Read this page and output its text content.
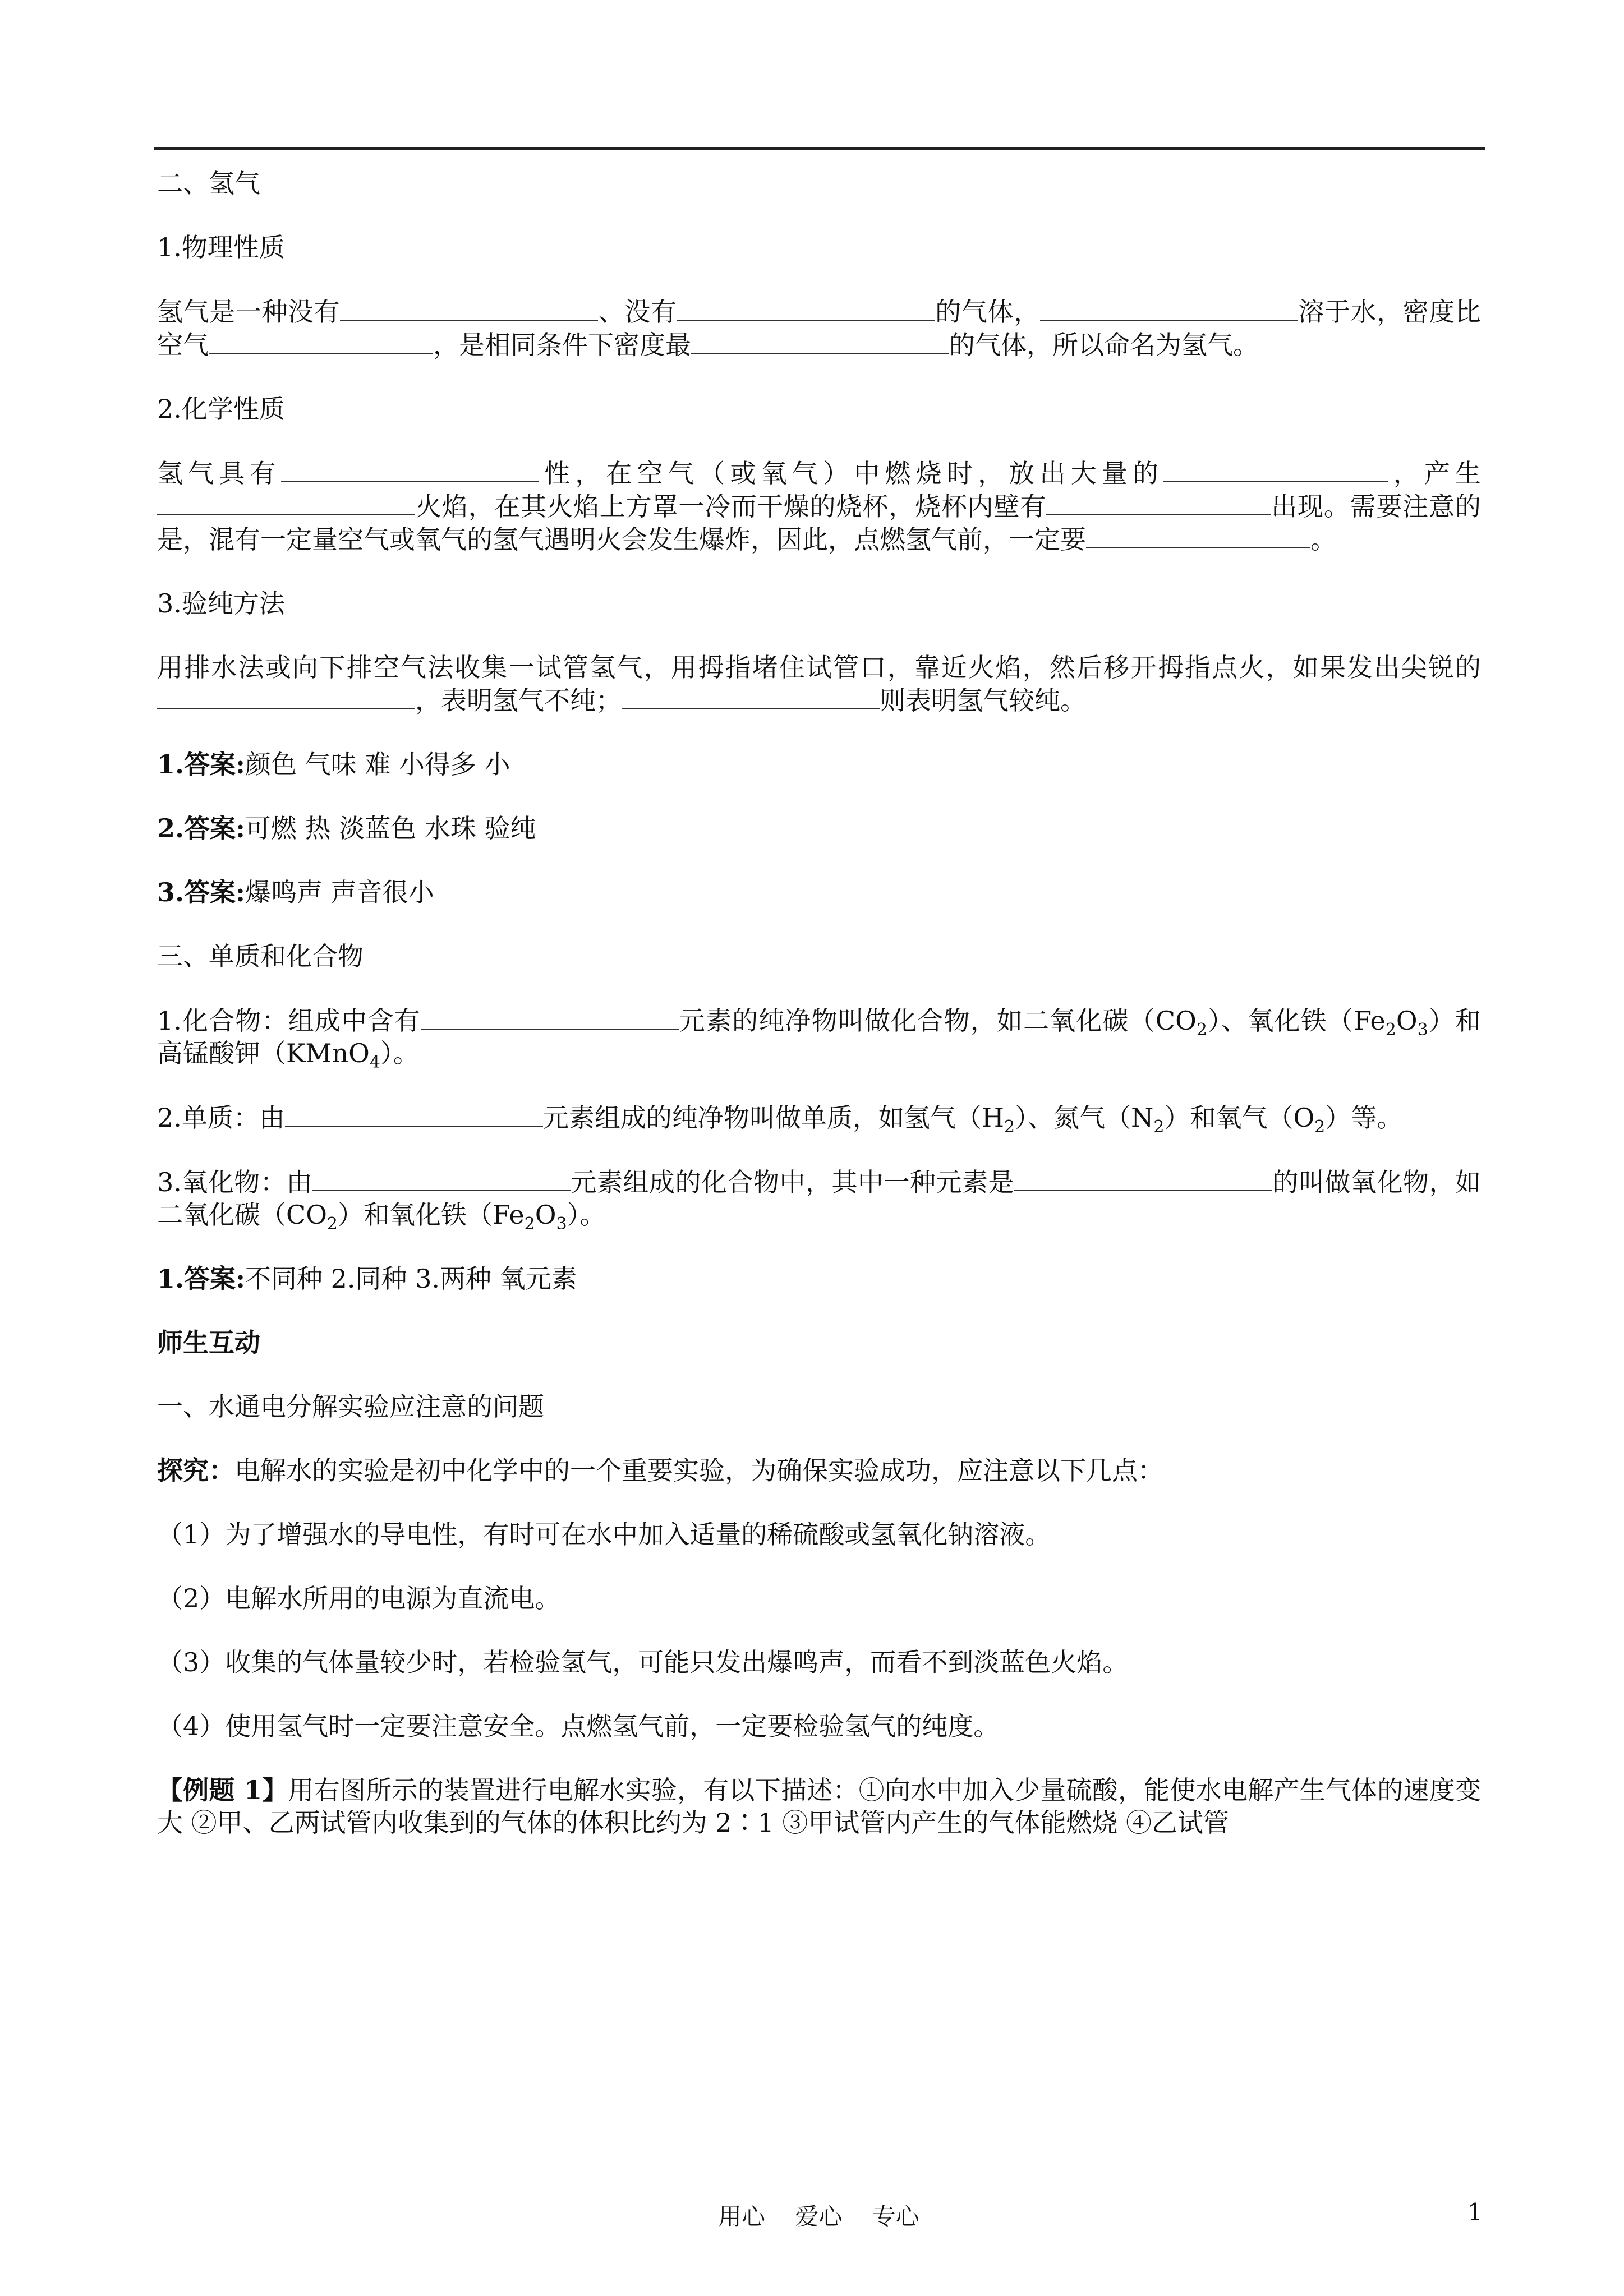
二、氢气

1.物理性质

氢气是一种没有	、没有	的气体，	溶于水，密度比空气	，是相同条件下密度最	的气体，所以命名为氢气。

2.化学性质

氢气具有	性，在空气（或氧气）中燃烧时，放出大量的	，产生火焰，在其火焰上方罩一冷而干燥的烧杯，烧杯内壁有	出现。需要注意的是，混有一定量空气或氧气的氢气遇明火会发生爆炸，因此，点燃氢气前，一定要	。

3.验纯方法

用排水法或向下排空气法收集一试管氢气，用拇指堵住试管口，靠近火焰，然后移开拇指点火，如果发出尖锐的，表明氢气不纯；	则表明氢气较纯。

1.答案:颜色 气味 难 小得多 小

2.答案:可燃 热 淡蓝色 水珠 验纯

3.答案:爆鸣声 声音很小

三、单质和化合物

1.化合物：组成中含有	元素的纯净物叫做化合物，如二氧化碳$(CO_2)$、氧化铁$(Fe_2O_3)$和高锰酸钾（KMnO$_4$）。

2.单质：由	元素组成的纯净物叫做单质，如氢气$(H_2)$、氮气$(N_2)$和氧气$(O_2)$等。

3.氧化物：由	元素组成的化合物中，其中一种元素是	的叫做氧化物，如二氧化碳$(CO_2)$和氧化铁$(Fe_2O_3)$。

1.答案:不同种 2.同种 3.两种 氧元素

师生互动

一、水通电分解实验应注意的问题

探究：电解水的实验是初中化学中的一个重要实验，为确保实验成功，应注意以下几点：

（1）为了增强水的导电性，有时可在水中加入适量的稀硫酸或氢氧化钠溶液。

（2）电解水所用的电源为直流电。

（3）收集的气体量较少时，若检验氢气，可能只发出爆鸣声，而看不到淡蓝色火焰。

（4）使用氢气时一定要注意安全。点燃氢气前，一定要检验氢气的纯度。

【例题 1】用右图所示的装置进行电解水实验，有以下描述：①向水中加入少量硫酸，能使水电解产生气体的速度变大 ②甲、乙两试管内收集到的气体的体积比约为 2∶1 ③甲试管内产生的气体能燃烧 ④乙试管

用心 爱心 专心	1
